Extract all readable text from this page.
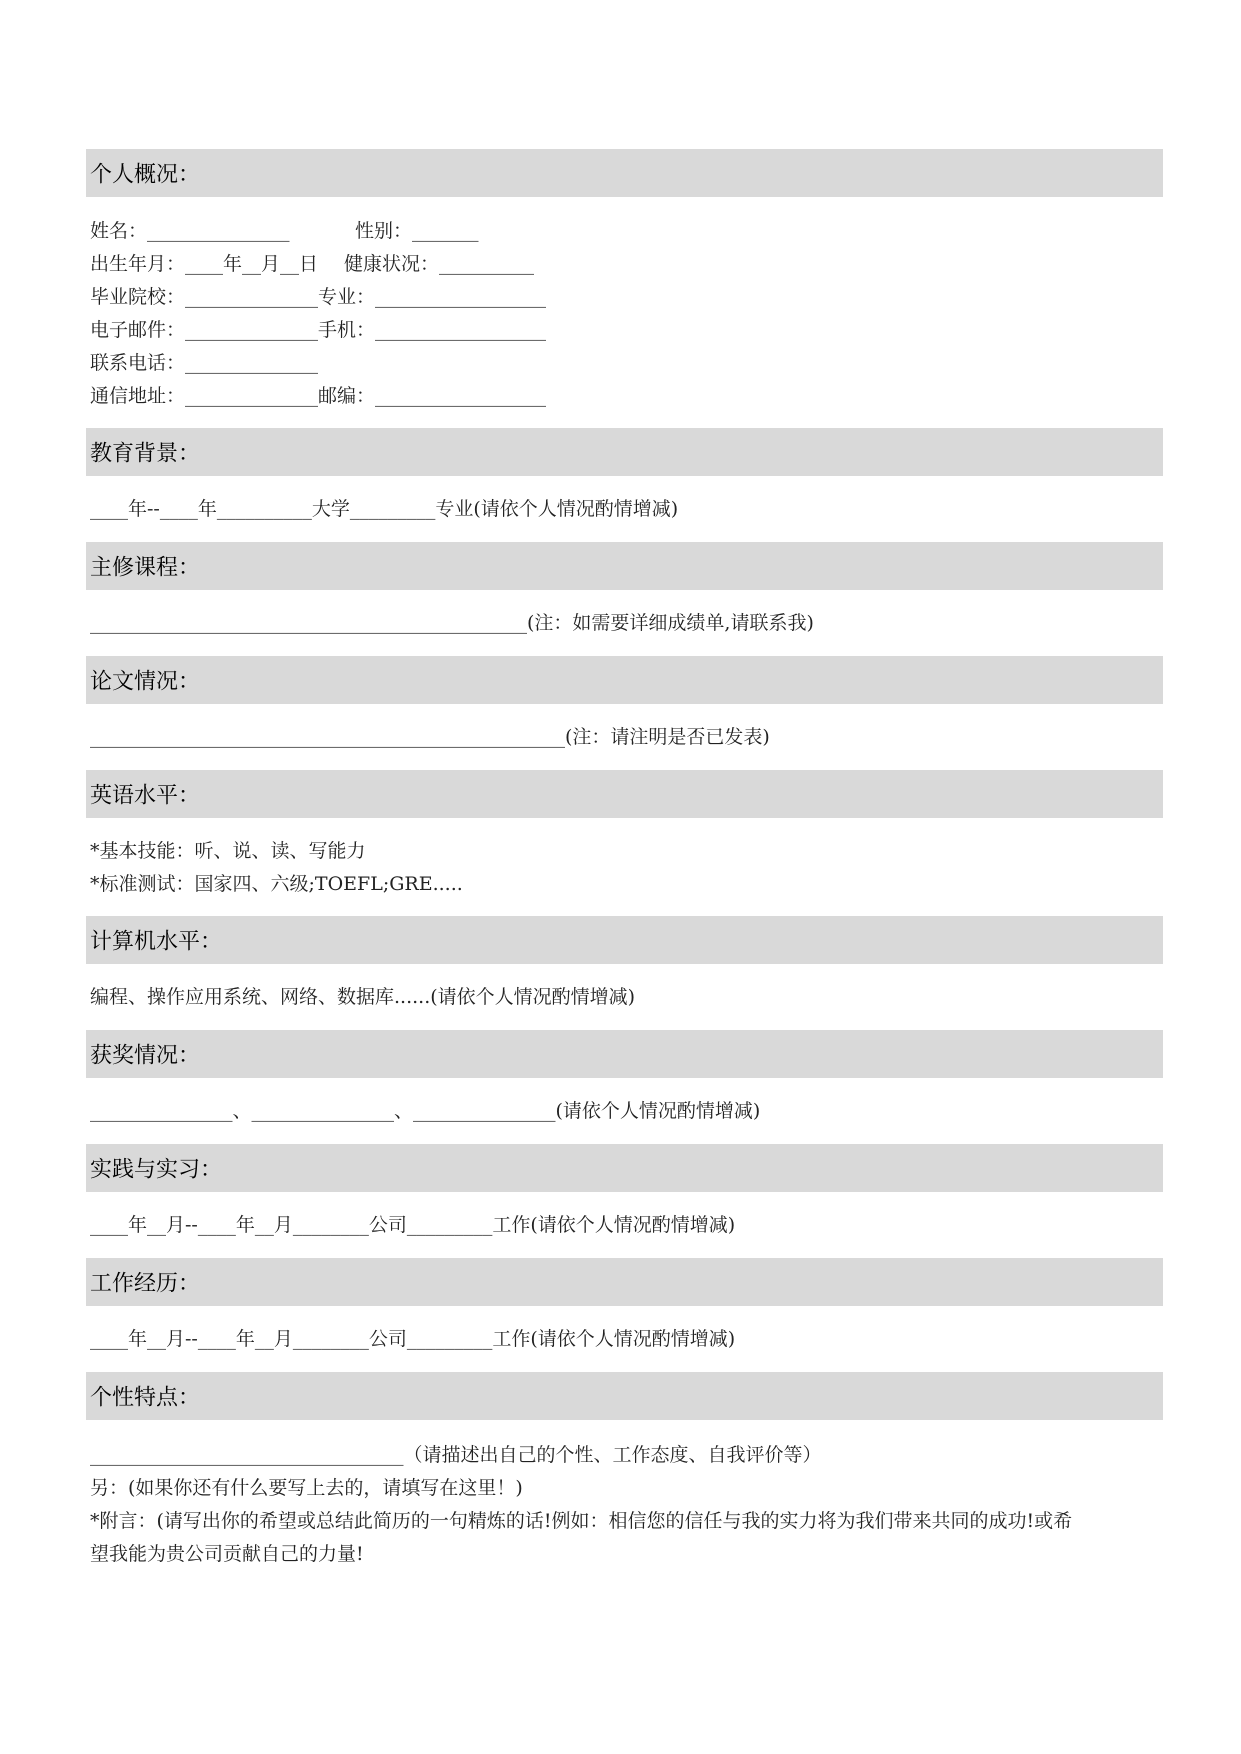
个人概况：
姓名：_______________	性别：_______
出生年月：____年__月__日 健康状况：__________
毕业院校：______________专业：__________________
电子邮件：______________手机：__________________
联系电话：______________
通信地址：______________邮编：__________________
教育背景：
____年--____年__________大学_________专业(请依个人情况酌情增减)
主修课程：
______________________________________________(注：如需要详细成绩单,请联系我)
论文情况：
__________________________________________________(注：请注明是否已发表)
英语水平：
*基本技能：听、说、读、写能力
*标准测试：国家四、六级;TOEFL;GRE.....
计算机水平：
编程、操作应用系统、网络、数据库......(请依个人情况酌情增减)
获奖情况：
_______________、_______________、_______________(请依个人情况酌情增减)
实践与实习：
____年__月--____年__月________公司_________工作(请依个人情况酌情增减)
工作经历：
____年__月--____年__月________公司_________工作(请依个人情况酌情增减)
个性特点：
_________________________________（请描述出自己的个性、工作态度、自我评价等）
另：(如果你还有什么要写上去的，请填写在这里！)
*附言：(请写出你的希望或总结此简历的一句精炼的话!例如：相信您的信任与我的实力将为我们带来共同的成功!或希
望我能为贵公司贡献自己的力量!
